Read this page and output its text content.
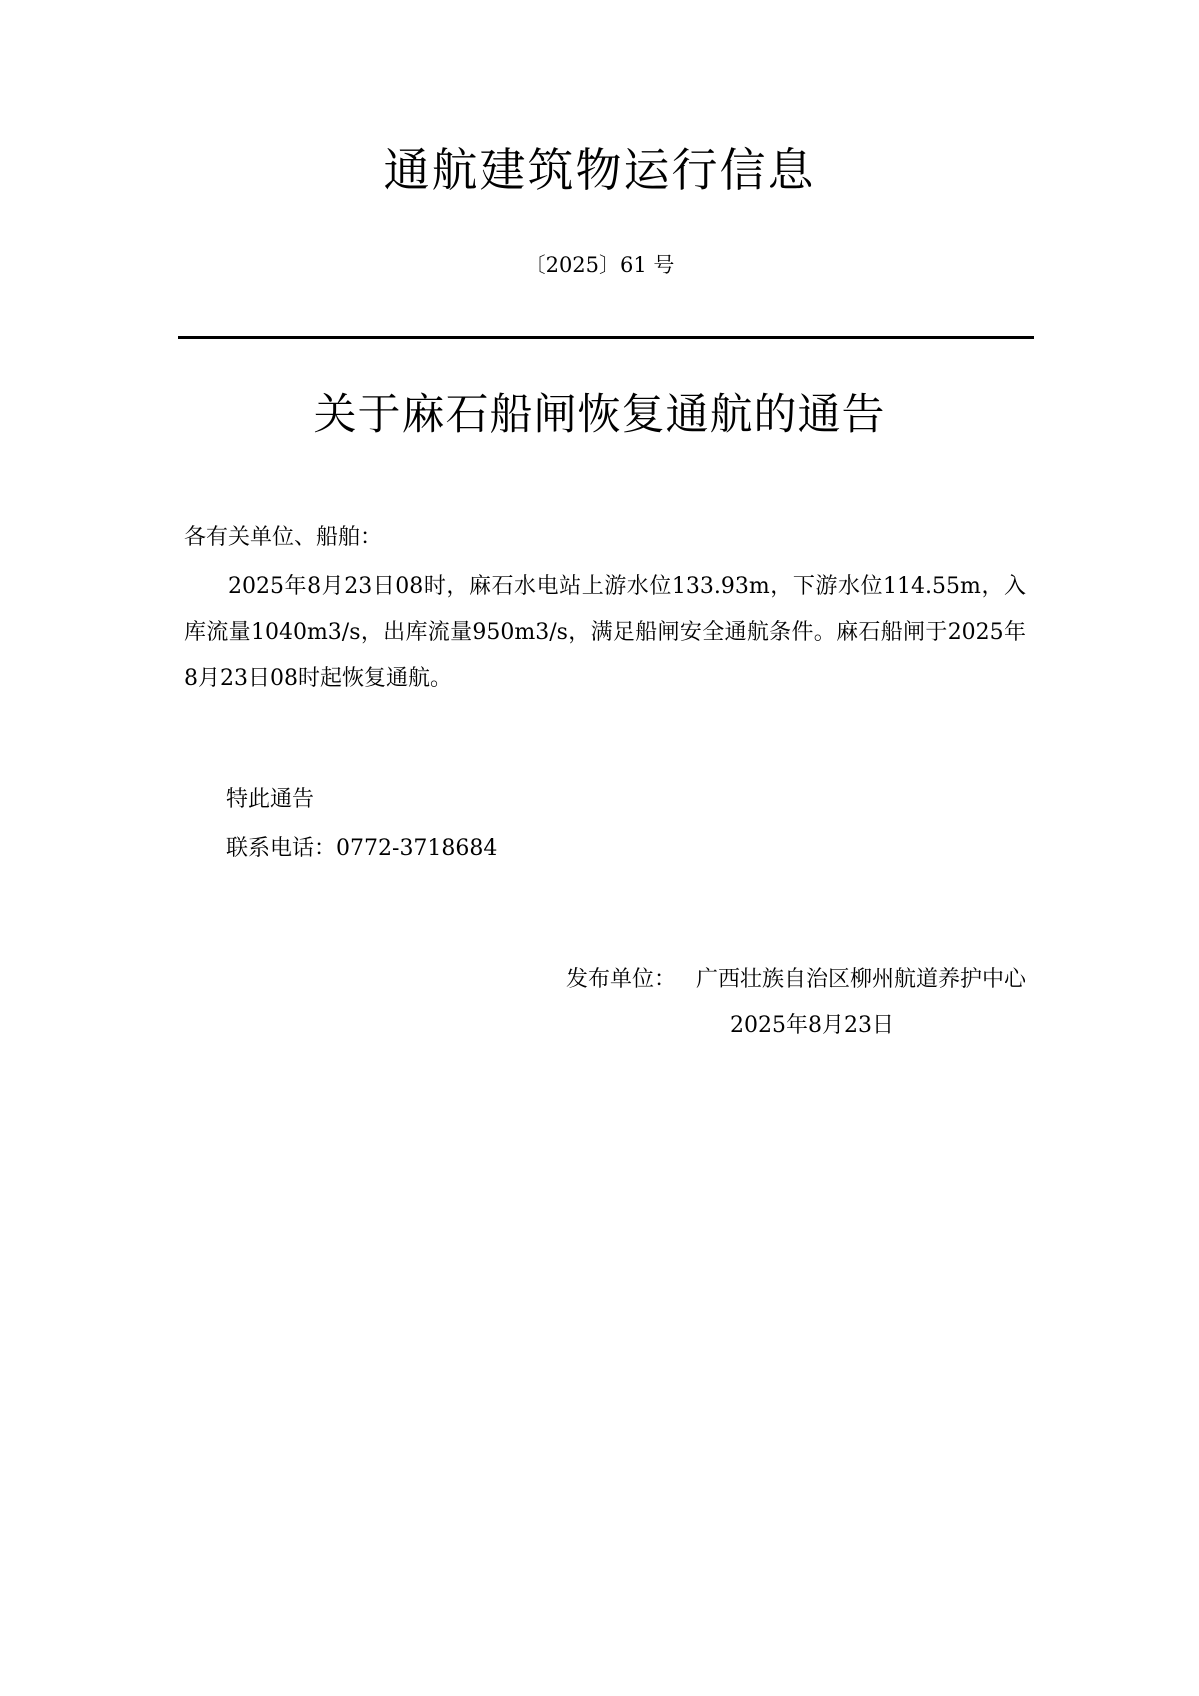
通航建筑物运行信息
〔2025〕61 号
关于麻石船闸恢复通航的通告
各有关单位、船舶：

2025年8月23日08时，麻石水电站上游水位133.93m，下游水位114.55m，入库流量1040m3/s，出库流量950m3/s，满足船闸安全通航条件。麻石船闸于2025年8月23日08时起恢复通航。

特此通告
联系电话：0772-3718684
发布单位： 广西壮族自治区柳州航道养护中心
2025年8月23日
